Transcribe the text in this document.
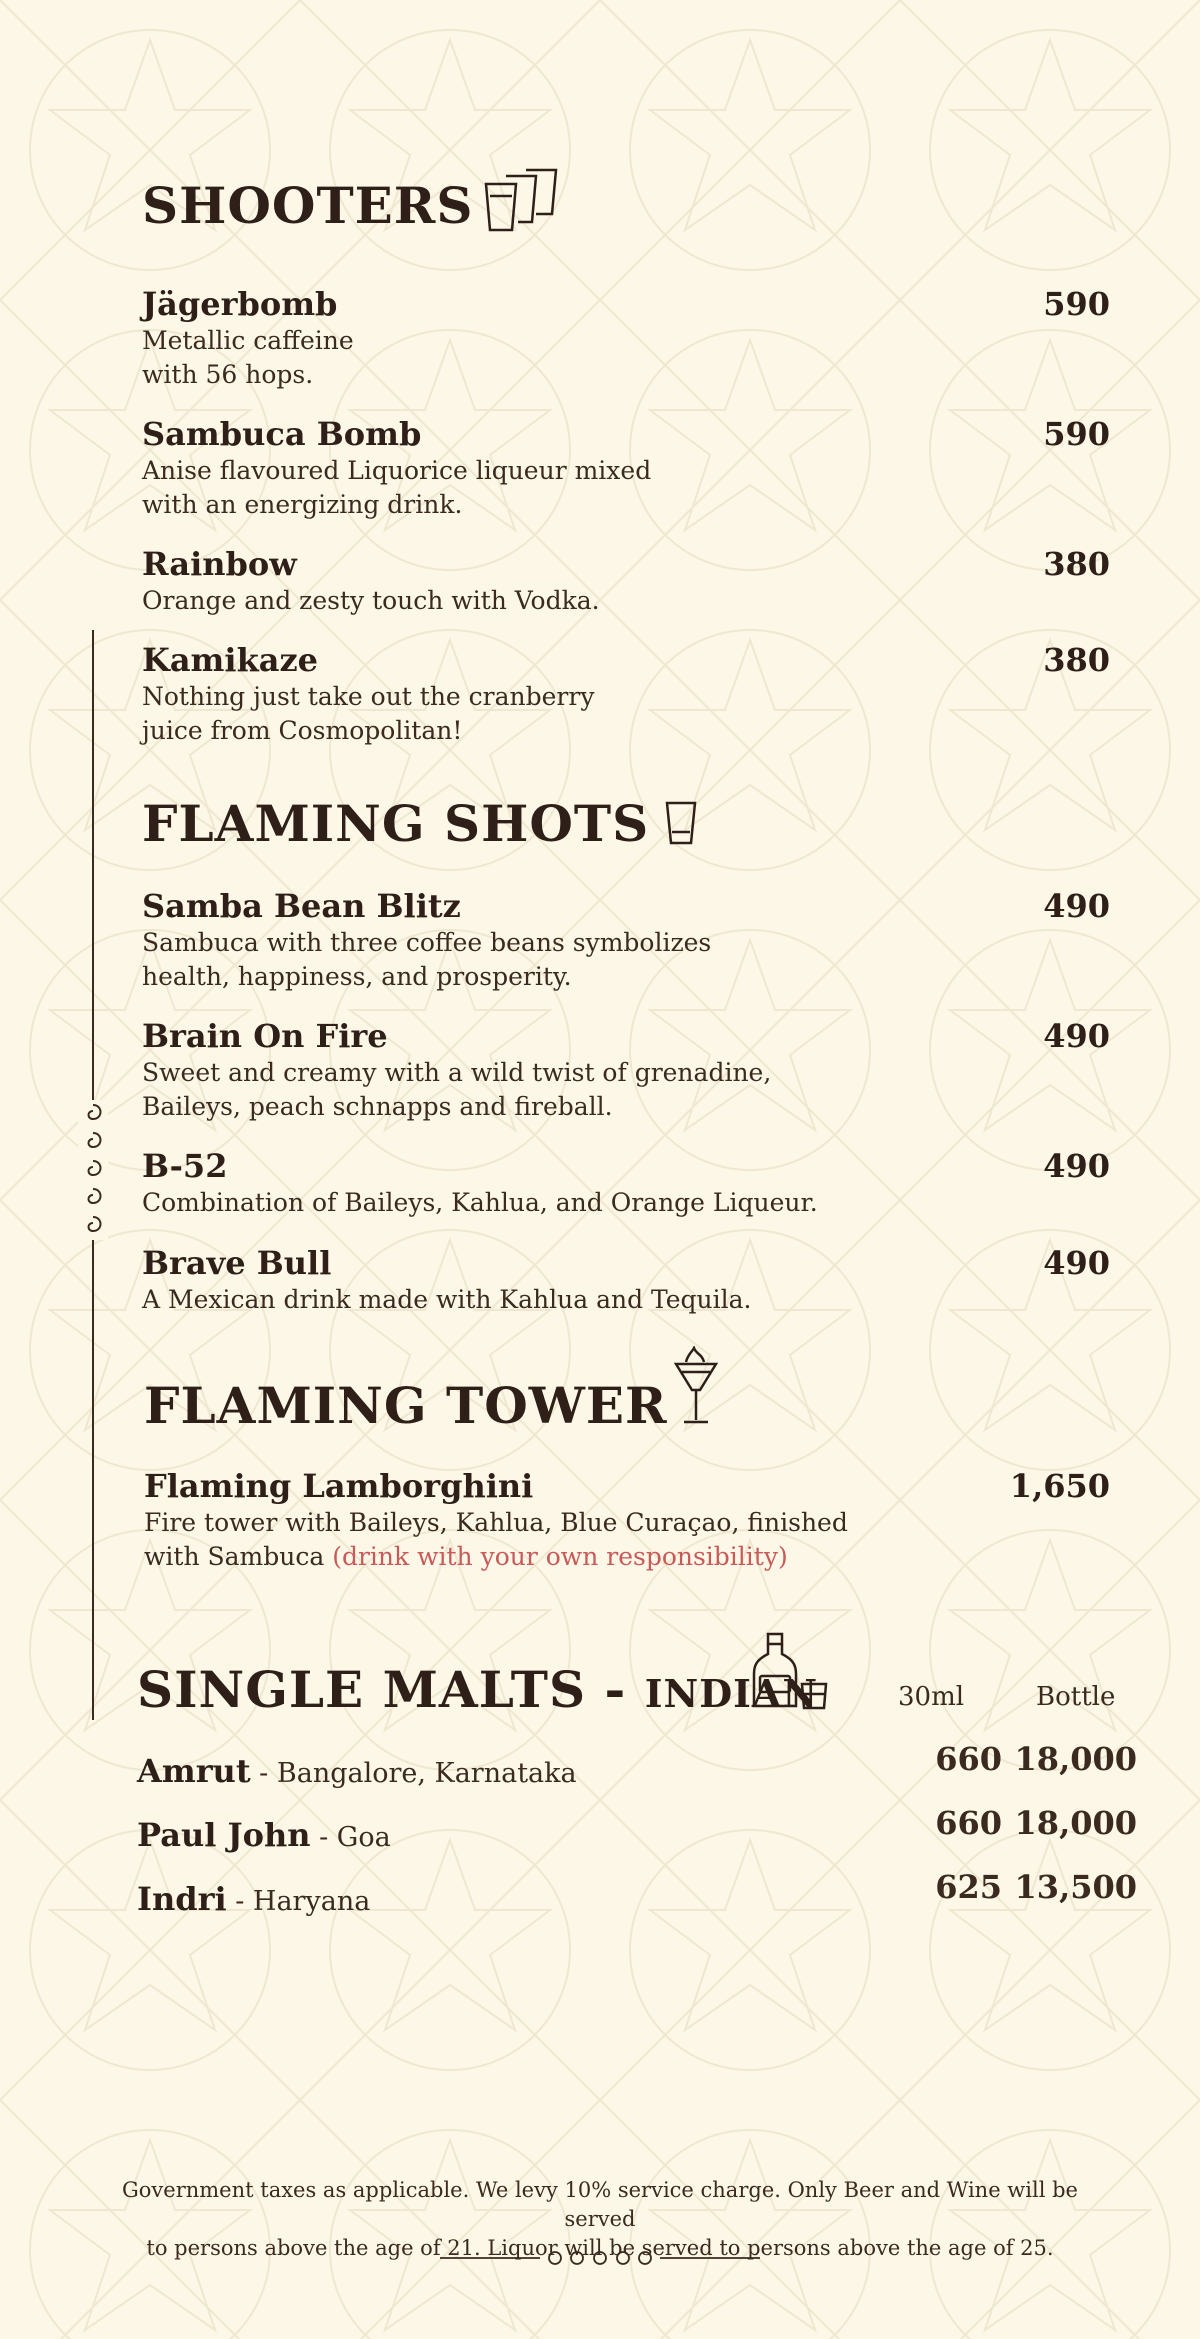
SHOOTERS
Jägerbomb
Metallic caffeine
with 56 hops.
590
Sambuca Bomb
Anise flavoured Liquorice liqueur mixed
with an energizing drink.
590
Rainbow
Orange and zesty touch with Vodka.
380
Kamikaze
Nothing just take out the cranberry
juice from Cosmopolitan!
380
FLAMING SHOTS
Samba Bean Blitz
Sambuca with three coffee beans symbolizes
health, happiness, and prosperity.
490
Brain On Fire
Sweet and creamy with a wild twist of grenadine,
Baileys, peach schnapps and fireball.
490
B-52
Combination of Baileys, Kahlua, and Orange Liqueur.
490
Brave Bull
A Mexican drink made with Kahlua and Tequila.
490
FLAMING TOWER
Flaming Lamborghini
Fire tower with Baileys, Kahlua, Blue Curaçao, finished
with Sambuca (drink with your own responsibility)
1,650
SINGLE MALTS - INDIAN	30ml	Bottle
Amrut - Bangalore, Karnataka	660 18,000
Paul John - Goa	660 18,000
Indri - Haryana	625 13,500
Government taxes as applicable. We levy 10% service charge. Only Beer and Wine will be served
to persons above the age of 21. Liquor will be served to persons above the age of 25.
